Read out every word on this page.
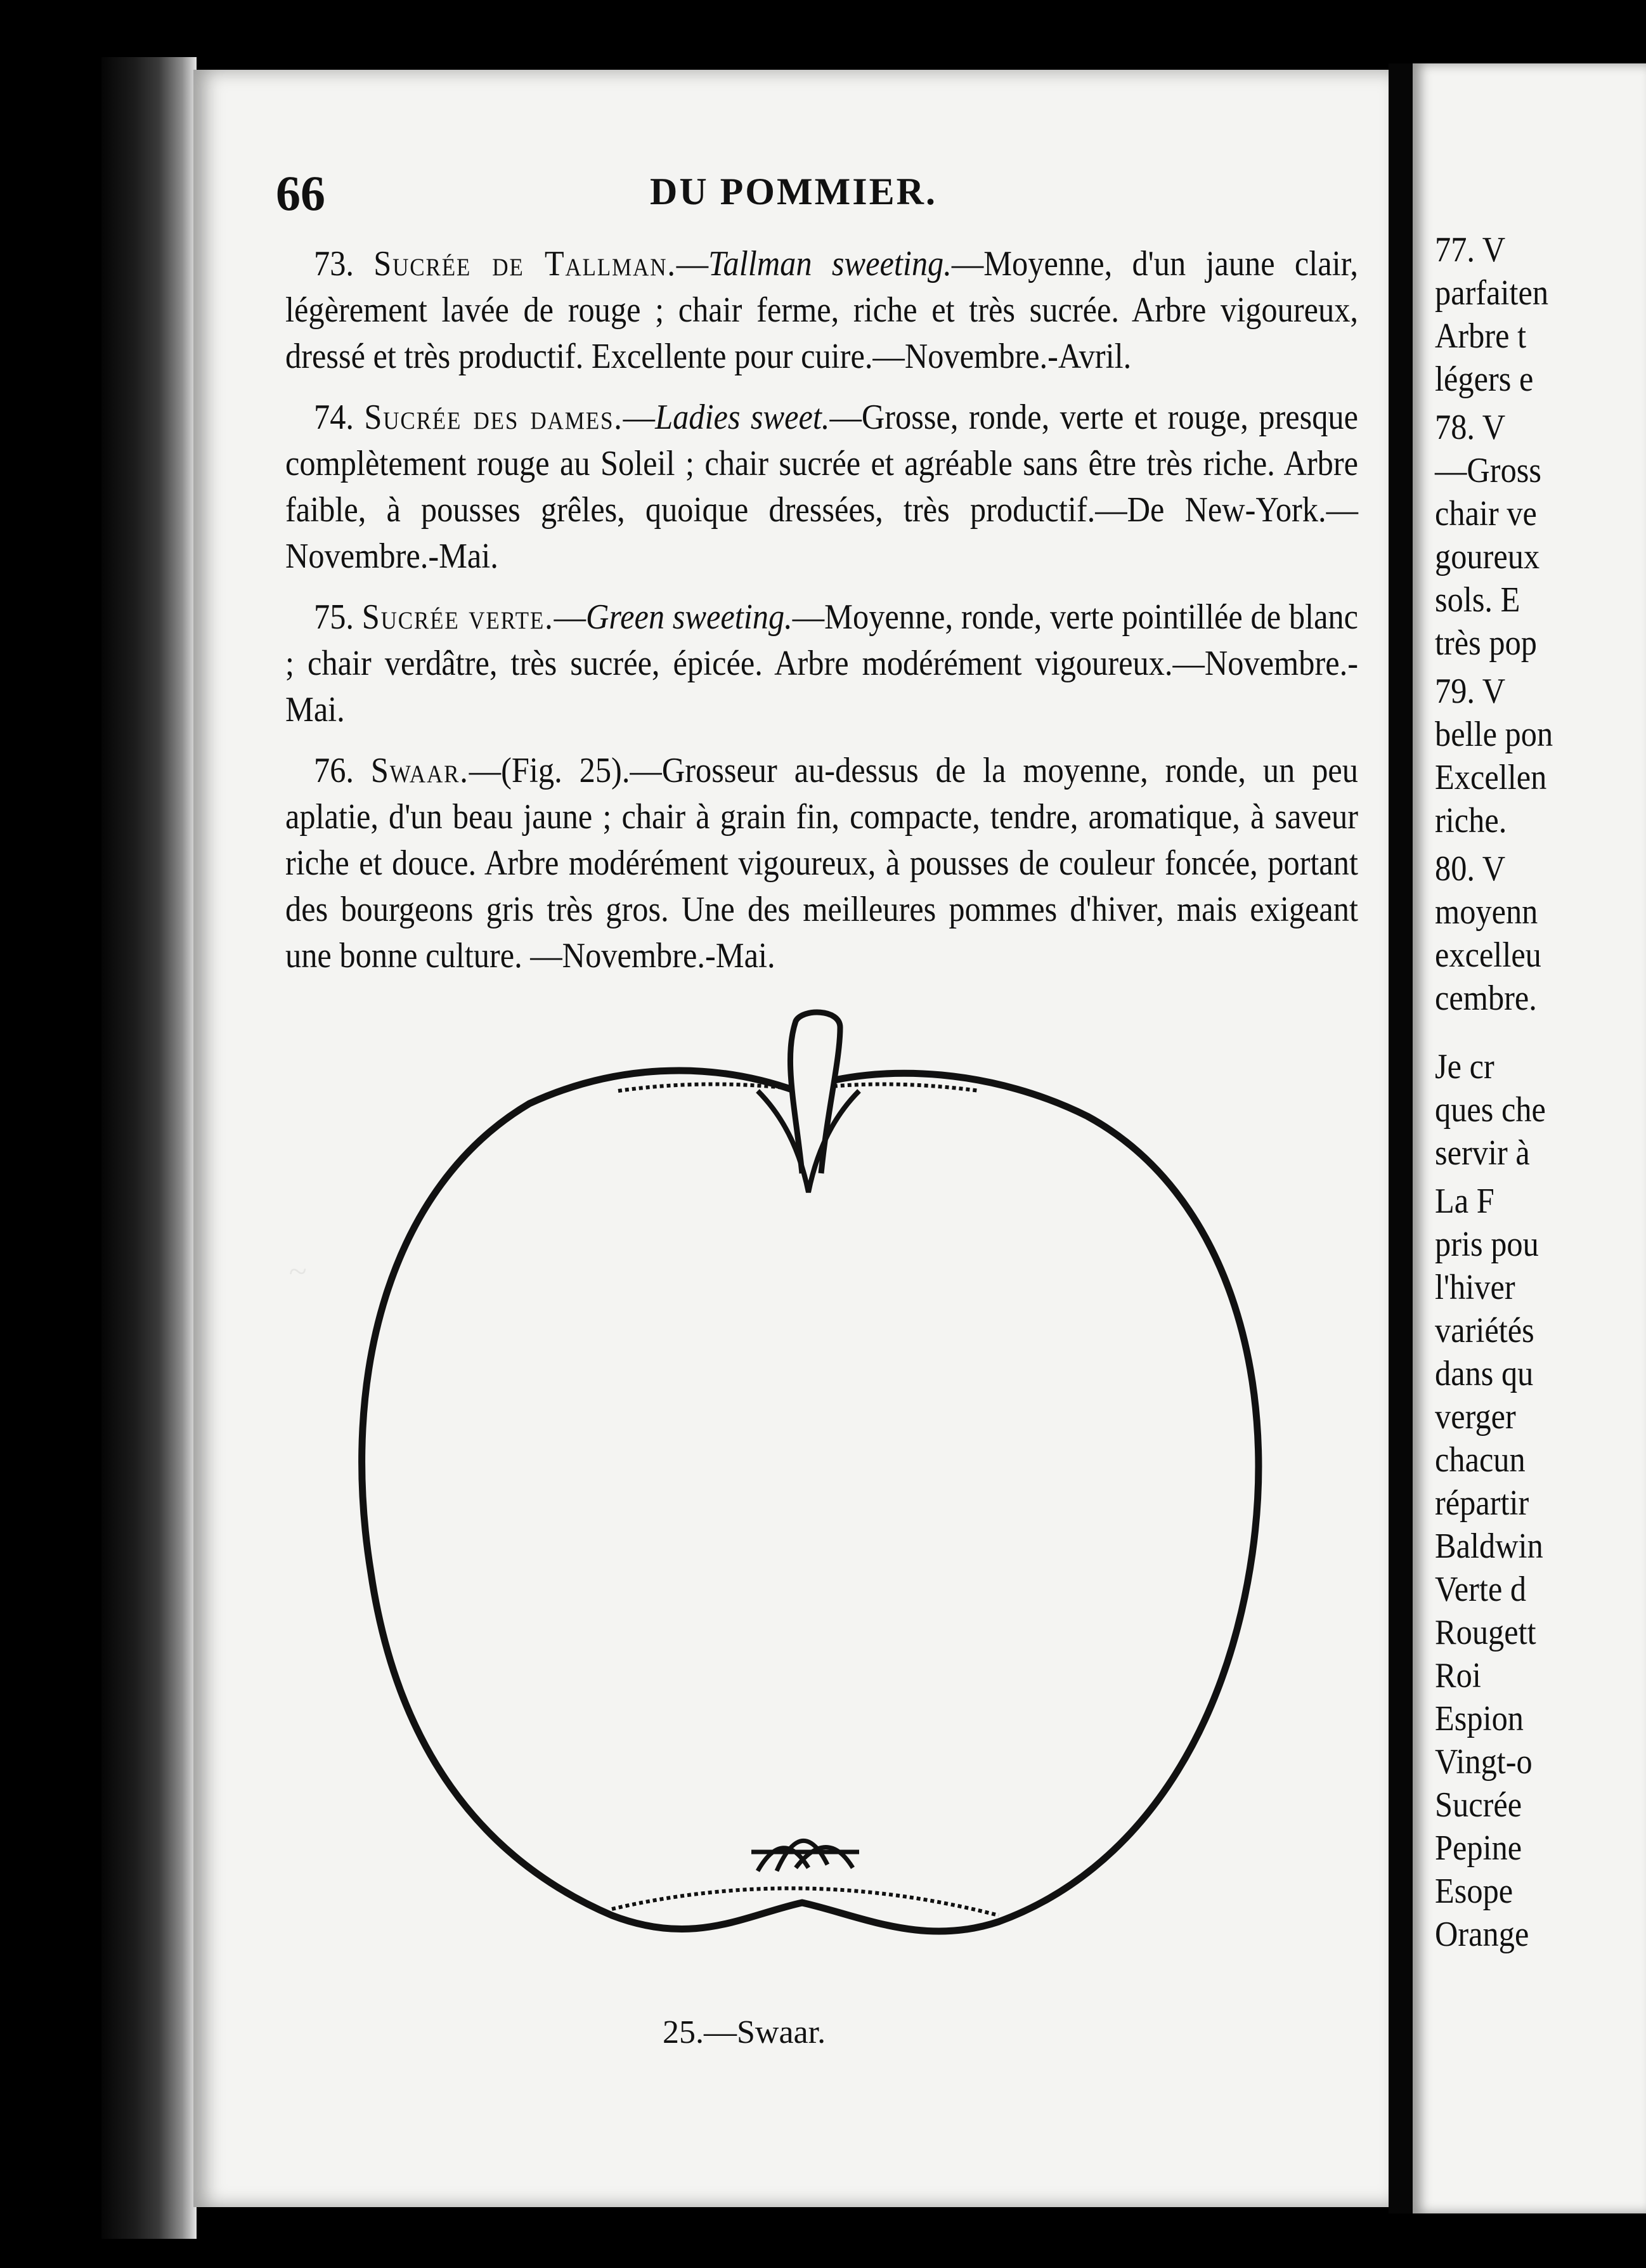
~
66	DU POMMIER.

73. Sucrée de Tallman.—Tallman sweeting.—Moyenne, d'un jaune clair, légèrement lavée de rouge ; chair ferme, riche et très sucrée. Arbre vigoureux, dressé et très productif. Excellente pour cuire.—Novembre.-Avril.

74. Sucrée des dames.—Ladies sweet.—Grosse, ronde, verte et rouge, presque complètement rouge au Soleil ; chair sucrée et agréable sans être très riche. Arbre faible, à pousses grêles, quoique dressées, très productif.—De New-York.—Novembre.-Mai.

75. Sucrée verte.—Green sweeting.—Moyenne, ronde, verte pointillée de blanc ; chair verdâtre, très sucrée, épicée. Arbre modérément vigoureux.—Novembre.-Mai.

76. Swaar.—(Fig. 25).—Grosseur au-dessus de la moyenne, ronde, un peu aplatie, d'un beau jaune ; chair à grain fin, compacte, tendre, aromatique, à saveur riche et douce. Arbre modérément vigoureux, à pousses de couleur foncée, portant des bourgeons gris très gros. Une des meilleures pommes d'hiver, mais exigeant une bonne culture. —Novembre.-Mai.

25.—Swaar.
77. V
parfaiten
Arbre t
légers e
78. V
—Gross
chair ve
goureux
sols. E
très pop
79. V
belle pon
Excellen
riche.
80. V
moyenn
excelleu
cembre.
Je cr
ques che
servir à
La F
pris pou
l'hiver
variétés
dans qu
verger
chacun
répartir
Baldwin
Verte d
Rougett
Roi
Espion
Vingt-o
Sucrée
Pepine
Esope
Orange
